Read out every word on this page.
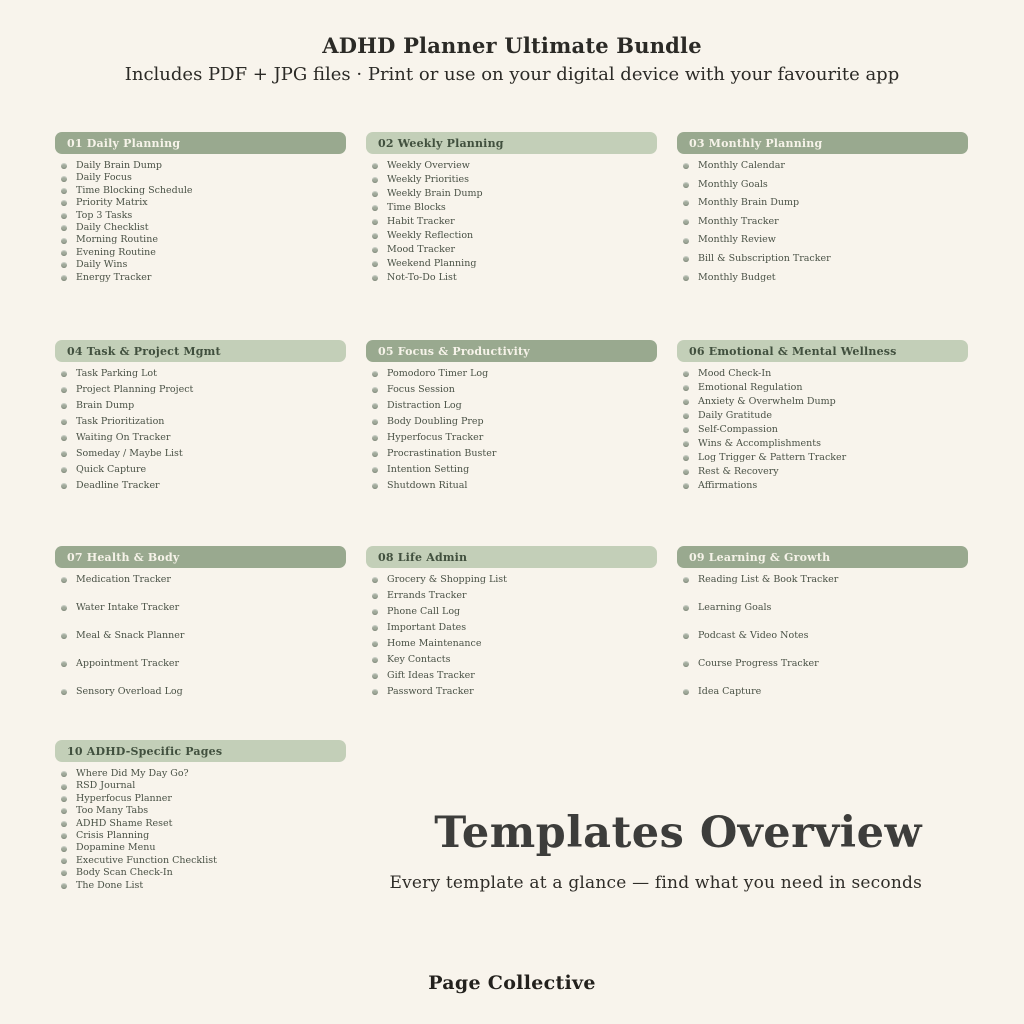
ADHD Planner Ultimate Bundle

Includes PDF + JPG files · Print or use on your digital device with your favourite app

01 Daily Planning
Daily Brain Dump
Daily Focus
Time Blocking Schedule
Priority Matrix
Top 3 Tasks
Daily Checklist
Morning Routine
Evening Routine
Daily Wins
Energy Tracker
02 Weekly Planning
Weekly Overview
Weekly Priorities
Weekly Brain Dump
Time Blocks
Habit Tracker
Weekly Reflection
Mood Tracker
Weekend Planning
Not-To-Do List
03 Monthly Planning
Monthly Calendar
Monthly Goals
Monthly Brain Dump
Monthly Tracker
Monthly Review
Bill & Subscription Tracker
Monthly Budget
04 Task & Project Mgmt
Task Parking Lot
Project Planning Project
Brain Dump
Task Prioritization
Waiting On Tracker
Someday / Maybe List
Quick Capture
Deadline Tracker
05 Focus & Productivity
Pomodoro Timer Log
Focus Session
Distraction Log
Body Doubling Prep
Hyperfocus Tracker
Procrastination Buster
Intention Setting
Shutdown Ritual
06 Emotional & Mental Wellness
Mood Check-In
Emotional Regulation
Anxiety & Overwhelm Dump
Daily Gratitude
Self-Compassion
Wins & Accomplishments
Log Trigger & Pattern Tracker
Rest & Recovery
Affirmations
07 Health & Body
Medication Tracker
Water Intake Tracker
Meal & Snack Planner
Appointment Tracker
Sensory Overload Log
08 Life Admin
Grocery & Shopping List
Errands Tracker
Phone Call Log
Important Dates
Home Maintenance
Key Contacts
Gift Ideas Tracker
Password Tracker
09 Learning & Growth
Reading List & Book Tracker
Learning Goals
Podcast & Video Notes
Course Progress Tracker
Idea Capture
10 ADHD-Specific Pages
Where Did My Day Go?
RSD Journal
Hyperfocus Planner
Too Many Tabs
ADHD Shame Reset
Crisis Planning
Dopamine Menu
Executive Function Checklist
Body Scan Check-In
The Done List
Templates Overview

Every template at a glance — find what you need in seconds

Page Collective
